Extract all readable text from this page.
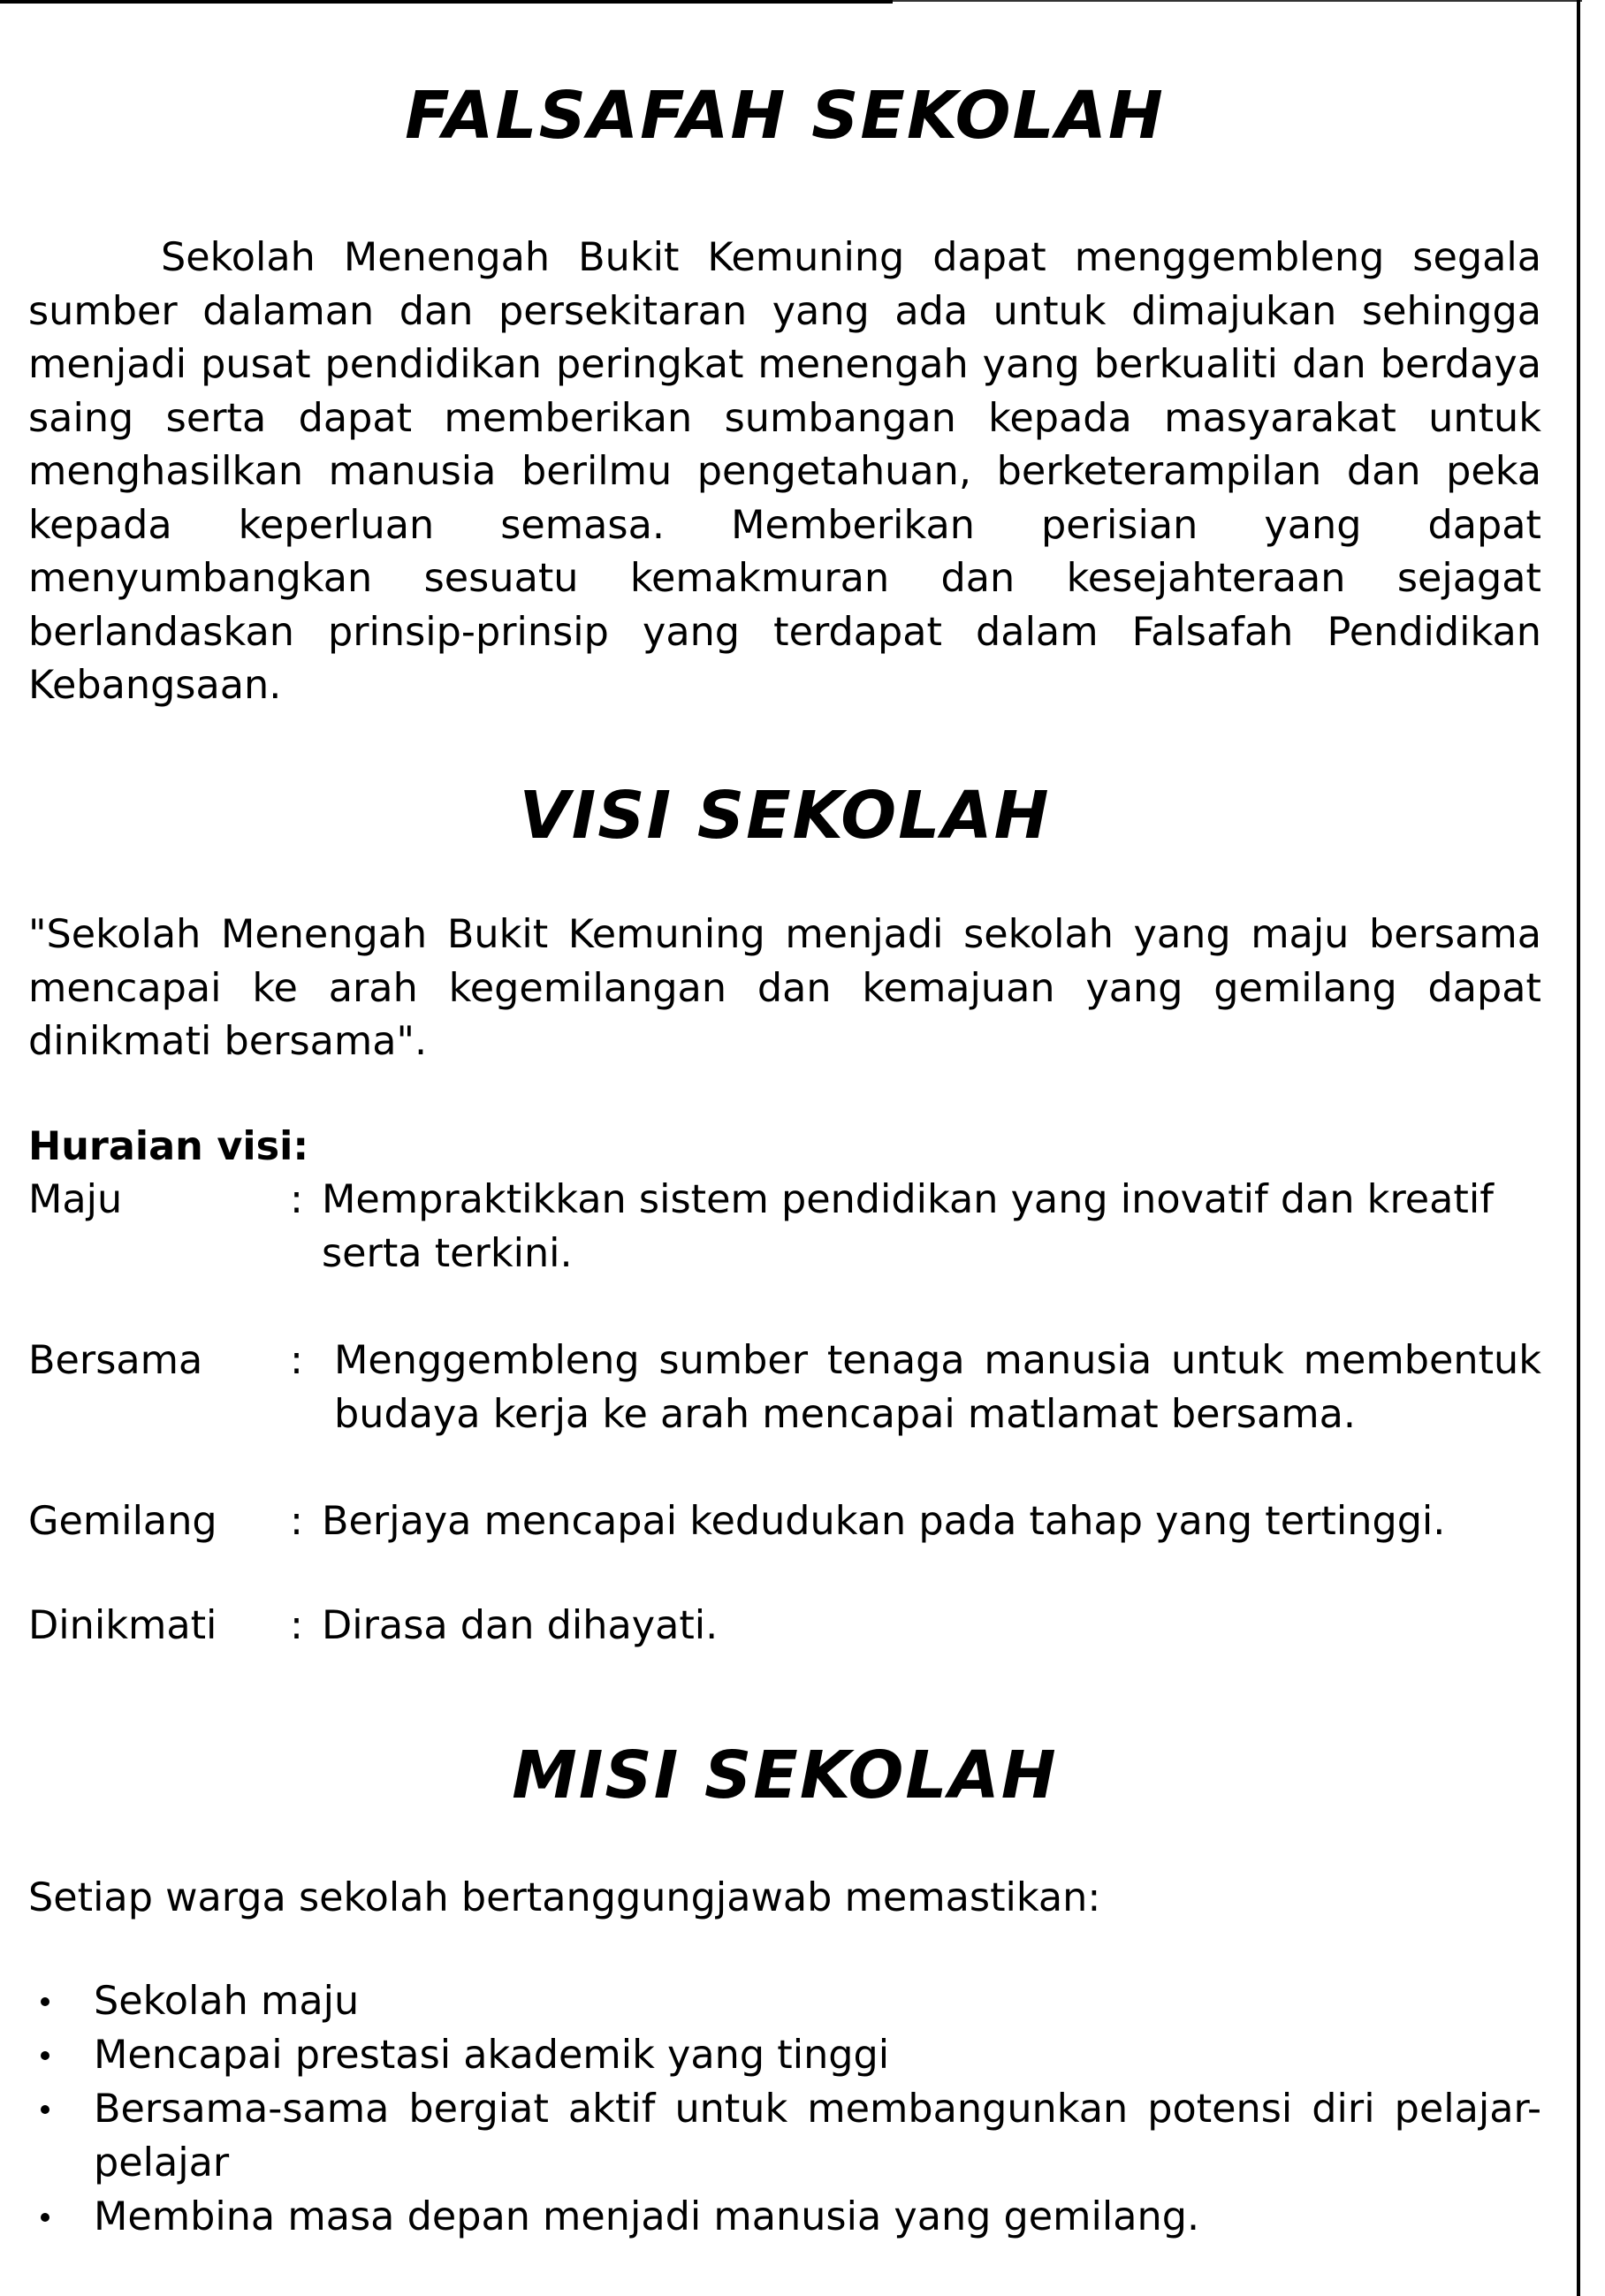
FALSAFAH SEKOLAH

Sekolah Menengah Bukit Kemuning dapat menggembleng segala sumber dalaman dan persekitaran yang ada untuk dimajukan sehingga menjadi pusat pendidikan peringkat menengah yang berkualiti dan berdaya saing serta dapat memberikan sumbangan kepada masyarakat untuk menghasilkan manusia berilmu pengetahuan, berketerampilan dan peka kepada keperluan semasa. Memberikan perisian yang dapat menyumbangkan sesuatu kemakmuran dan kesejahteraan sejagat berlandaskan prinsip-prinsip yang terdapat dalam Falsafah Pendidikan Kebangsaan.

VISI SEKOLAH

"Sekolah Menengah Bukit Kemuning menjadi sekolah yang maju bersama mencapai ke arah kegemilangan dan kemajuan yang gemilang dapat dinikmati bersama".

Huraian visi:

Maju	: Mempraktikkan sistem pendidikan yang inovatif dan kreatif serta terkini.
Bersama : Menggembleng sumber tenaga manusia untuk membentuk budaya kerja ke arah mencapai matlamat bersama.
Gemilang : Berjaya mencapai kedudukan pada tahap yang tertinggi.
Dinikmati : Dirasa dan dihayati.
MISI SEKOLAH

Setiap warga sekolah bertanggungjawab memastikan:

Sekolah maju
Mencapai prestasi akademik yang tinggi
Bersama-sama bergiat aktif untuk membangunkan potensi diri pelajar-pelajar
Membina masa depan menjadi manusia yang gemilang.
